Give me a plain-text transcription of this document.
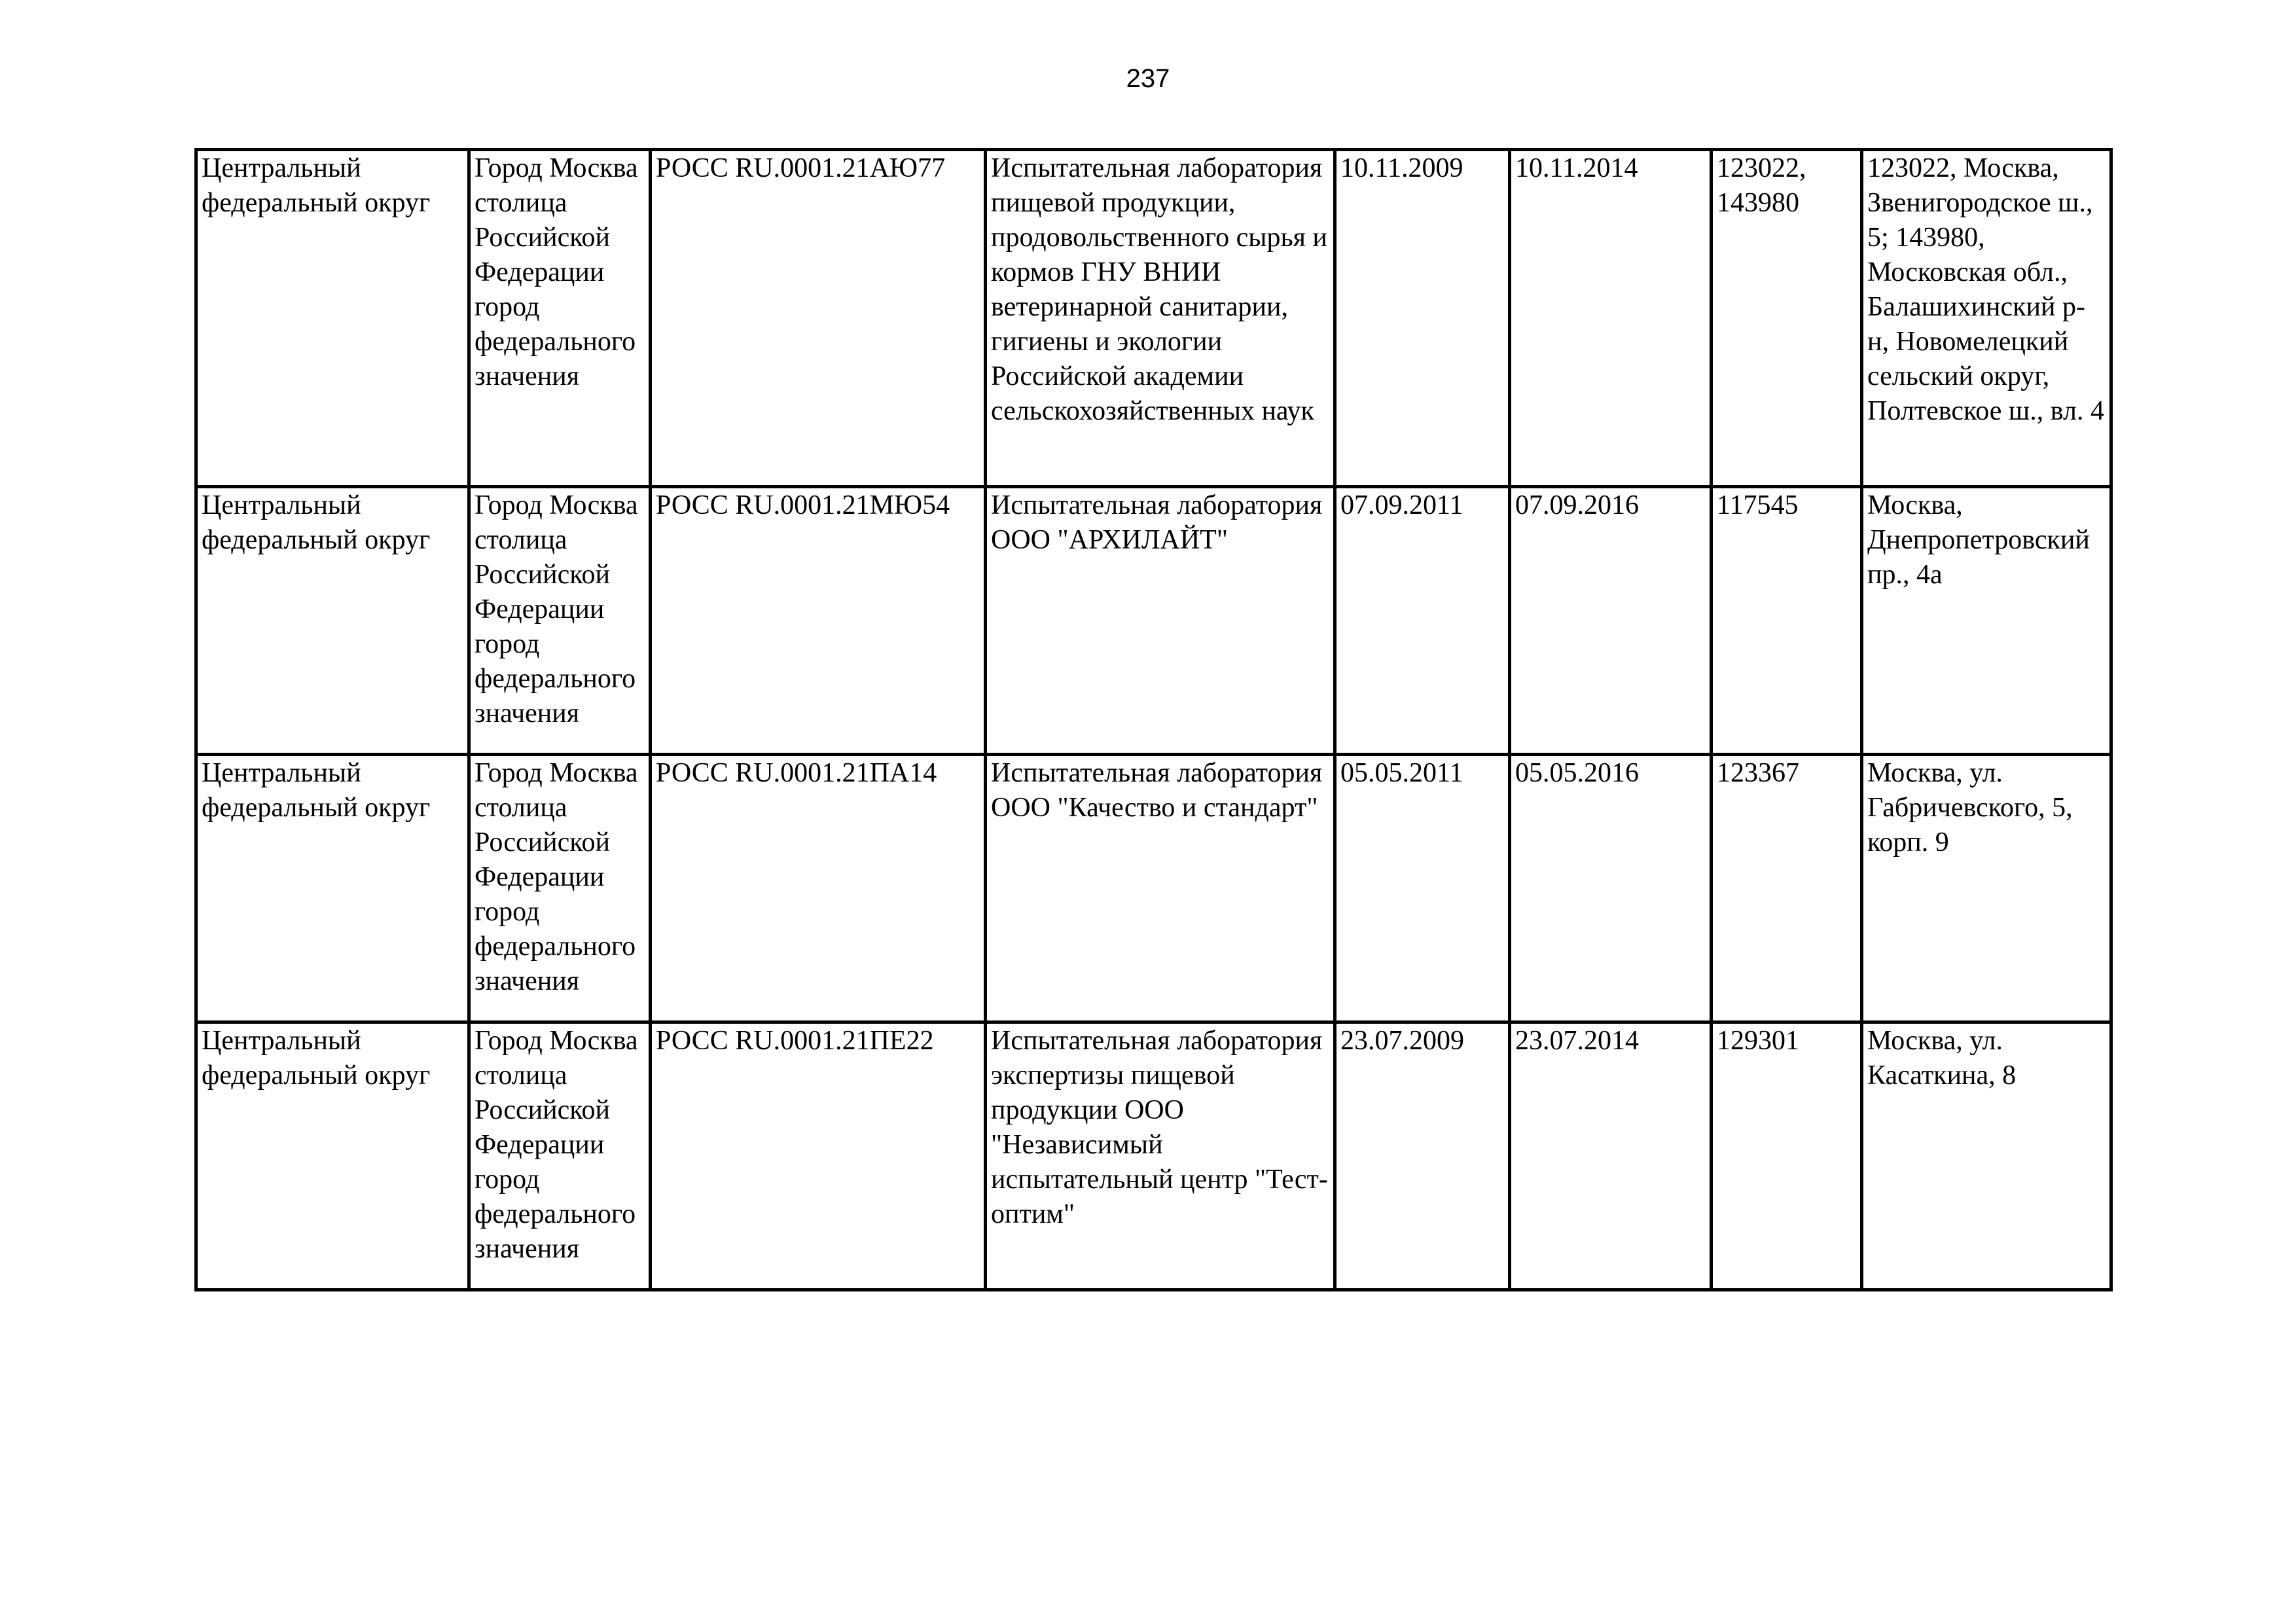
237
Центральный федеральный округ	Город Москва столица Российской Федерации город федерального значения	РОСС RU.0001.21АЮ77	Испытательная лаборатория пищевой продукции, продовольственного сырья и кормов ГНУ ВНИИ ветеринарной санитарии, гигиены и экологии Российской академии сельскохозяйственных наук	10.11.2009	10.11.2014	123022, 143980	123022, Москва, Звенигородское ш., 5; 143980, Московская обл., Балашихинский р-н, Новомелецкий сельский округ, Полтевское ш., вл. 4

Центральный федеральный округ	Город Москва столица Российской Федерации город федерального значения	РОСС RU.0001.21МЮ54	Испытательная лаборатория ООО "АРХИЛАЙТ"	07.09.2011	07.09.2016	117545	Москва, Днепропетровский пр., 4а

Центральный федеральный округ	Город Москва столица Российской Федерации город федерального значения	РОСС RU.0001.21ПА14	Испытательная лаборатория ООО "Качество и стандарт"	05.05.2011	05.05.2016	123367	Москва, ул. Габричевского, 5, корп. 9

Центральный федеральный округ	Город Москва столица Российской Федерации город федерального значения	РОСС RU.0001.21ПЕ22	Испытательная лаборатория экспертизы пищевой продукции ООО "Независимый испытательный центр "Тест-оптим"	23.07.2009	23.07.2014	129301	Москва, ул. Касаткина, 8
